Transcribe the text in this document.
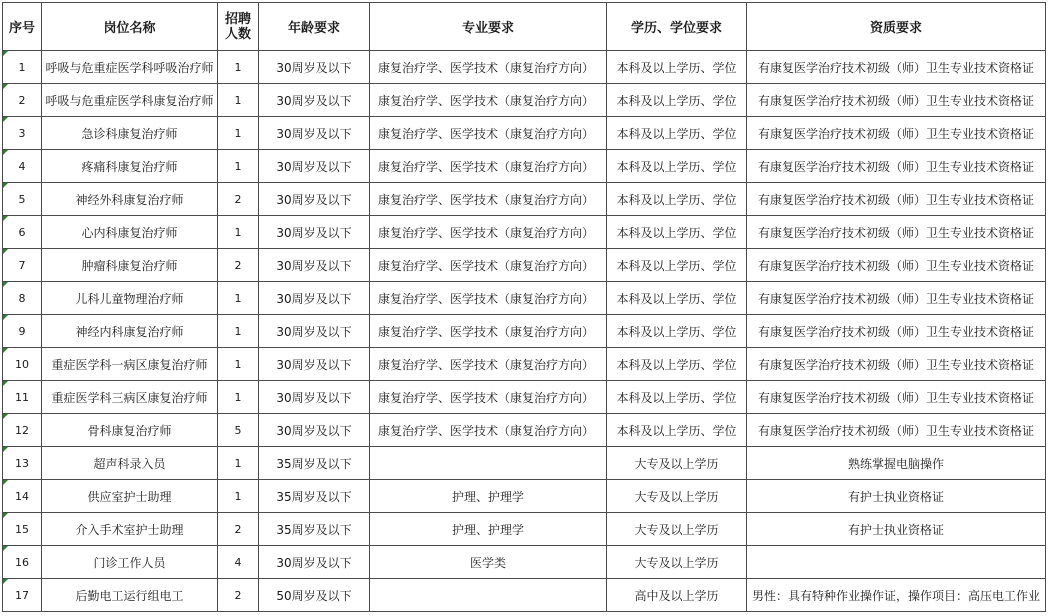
序号	岗位名称	招聘人数	年龄要求	专业要求	学历、学位要求	资质要求
1	呼吸与危重症医学科呼吸治疗师	1	30周岁及以下	康复治疗学、医学技术（康复治疗方向）	本科及以上学历、学位	有康复医学治疗技术初级（师）卫生专业技术资格证
2	呼吸与危重症医学科康复治疗师	1	30周岁及以下	康复治疗学、医学技术（康复治疗方向）	本科及以上学历、学位	有康复医学治疗技术初级（师）卫生专业技术资格证
3	急诊科康复治疗师	1	30周岁及以下	康复治疗学、医学技术（康复治疗方向）	本科及以上学历、学位	有康复医学治疗技术初级（师）卫生专业技术资格证
4	疼痛科康复治疗师	1	30周岁及以下	康复治疗学、医学技术（康复治疗方向）	本科及以上学历、学位	有康复医学治疗技术初级（师）卫生专业技术资格证
5	神经外科康复治疗师	2	30周岁及以下	康复治疗学、医学技术（康复治疗方向）	本科及以上学历、学位	有康复医学治疗技术初级（师）卫生专业技术资格证
6	心内科康复治疗师	1	30周岁及以下	康复治疗学、医学技术（康复治疗方向）	本科及以上学历、学位	有康复医学治疗技术初级（师）卫生专业技术资格证
7	肿瘤科康复治疗师	2	30周岁及以下	康复治疗学、医学技术（康复治疗方向）	本科及以上学历、学位	有康复医学治疗技术初级（师）卫生专业技术资格证
8	儿科儿童物理治疗师	1	30周岁及以下	康复治疗学、医学技术（康复治疗方向）	本科及以上学历、学位	有康复医学治疗技术初级（师）卫生专业技术资格证
9	神经内科康复治疗师	1	30周岁及以下	康复治疗学、医学技术（康复治疗方向）	本科及以上学历、学位	有康复医学治疗技术初级（师）卫生专业技术资格证
10	重症医学科一病区康复治疗师	1	30周岁及以下	康复治疗学、医学技术（康复治疗方向）	本科及以上学历、学位	有康复医学治疗技术初级（师）卫生专业技术资格证
11	重症医学科三病区康复治疗师	1	30周岁及以下	康复治疗学、医学技术（康复治疗方向）	本科及以上学历、学位	有康复医学治疗技术初级（师）卫生专业技术资格证
12	骨科康复治疗师	5	30周岁及以下	康复治疗学、医学技术（康复治疗方向）	本科及以上学历、学位	有康复医学治疗技术初级（师）卫生专业技术资格证
13	超声科录入员	1	35周岁及以下		大专及以上学历	熟练掌握电脑操作
14	供应室护士助理	1	35周岁及以下	护理、护理学	大专及以上学历	有护士执业资格证
15	介入手术室护士助理	2	35周岁及以下	护理、护理学	大专及以上学历	有护士执业资格证
16	门诊工作人员	4	30周岁及以下	医学类	大专及以上学历	
17	后勤电工运行组电工	2	50周岁及以下		高中及以上学历	男性：具有特种作业操作证，操作项目：高压电工作业
